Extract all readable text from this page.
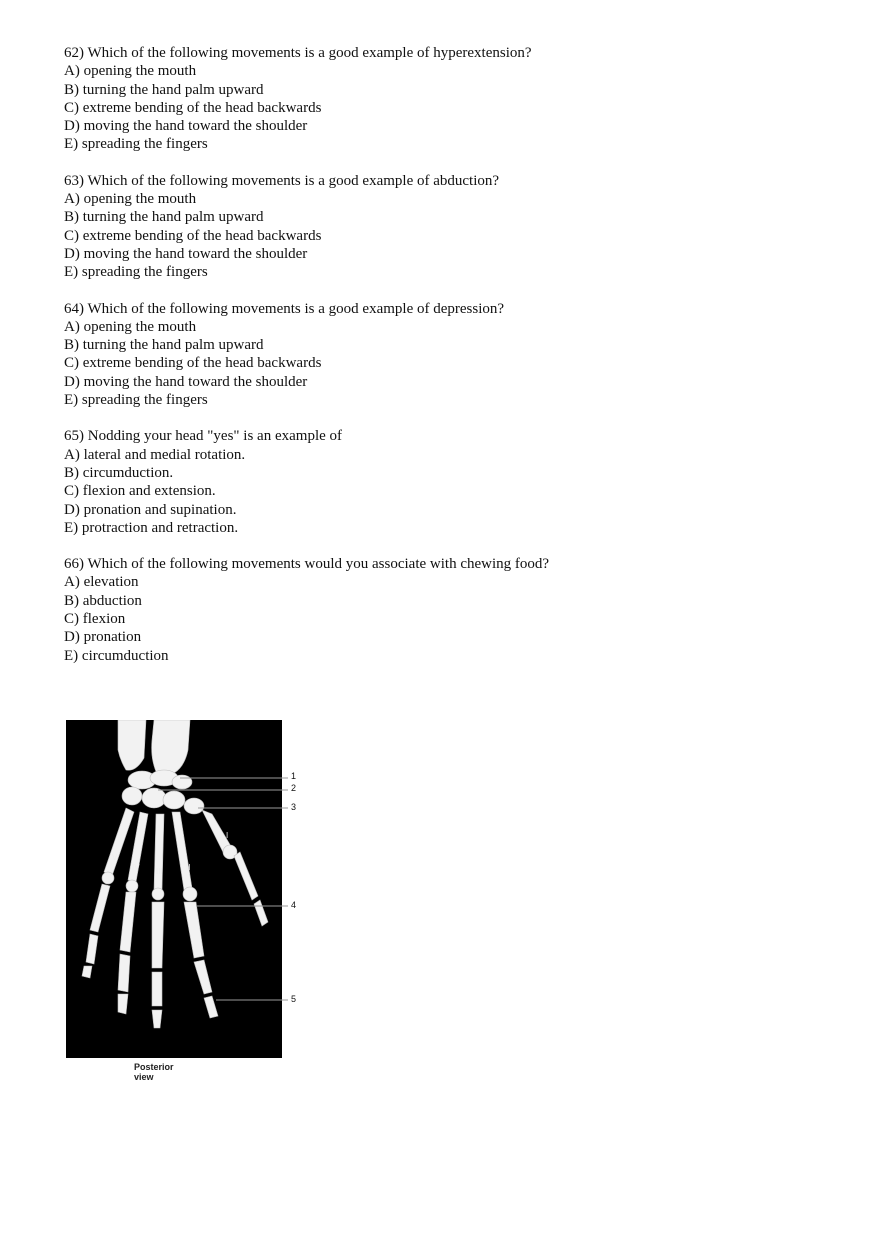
62) Which of the following movements is a good example of hyperextension?

A) opening the mouth

B) turning the hand palm upward

C) extreme bending of the head backwards

D) moving the hand toward the shoulder

E) spreading the fingers

63) Which of the following movements is a good example of abduction?

A) opening the mouth

B) turning the hand palm upward

C) extreme bending of the head backwards

D) moving the hand toward the shoulder

E) spreading the fingers

64) Which of the following movements is a good example of depression?

A) opening the mouth

B) turning the hand palm upward

C) extreme bending of the head backwards

D) moving the hand toward the shoulder

E) spreading the fingers

65) Nodding your head "yes" is an example of

A) lateral and medial rotation.

B) circumduction.

C) flexion and extension.

D) pronation and supination.

E) protraction and retraction.

66) Which of the following movements would you associate with chewing food?

A) elevation

B) abduction

C) flexion

D) pronation

E) circumduction

V
IV III	II
I
1
2
3
4
5
Posterior view
